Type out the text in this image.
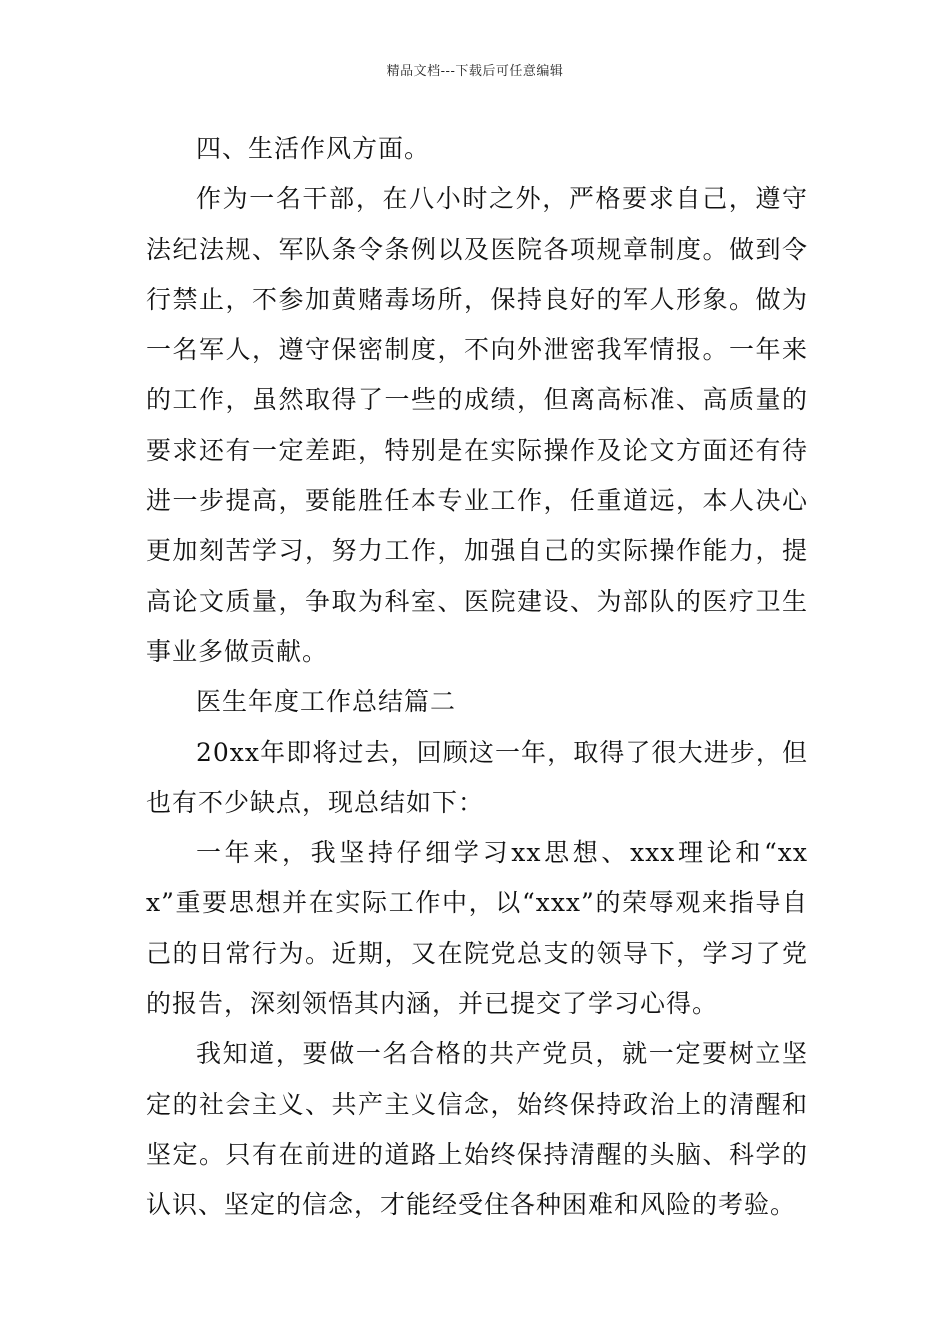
精品文档---下载后可任意编辑

四、生活作风方面。

作为一名干部，在八小时之外，严格要求自己，遵守法纪法规、军队条令条例以及医院各项规章制度。做到令行禁止，不参加黄赌毒场所，保持良好的军人形象。做为一名军人，遵守保密制度，不向外泄密我军情报。一年来的工作，虽然取得了一些的成绩，但离高标准、高质量的要求还有一定差距，特别是在实际操作及论文方面还有待进一步提高，要能胜任本专业工作，任重道远，本人决心更加刻苦学习，努力工作，加强自己的实际操作能力，提高论文质量，争取为科室、医院建设、为部队的医疗卫生事业多做贡献。

医生年度工作总结篇二

20xx年即将过去，回顾这一年，取得了很大进步，但也有不少缺点，现总结如下：

一年来，我坚持仔细学习xx思想、xxx理论和“xxx”重要思想并在实际工作中，以“xxx”的荣辱观来指导自己的日常行为。近期，又在院党总支的领导下，学习了党的报告，深刻领悟其内涵，并已提交了学习心得。

我知道，要做一名合格的共产党员，就一定要树立坚定的社会主义、共产主义信念，始终保持政治上的清醒和坚定。只有在前进的道路上始终保持清醒的头脑、科学的认识、坚定的信念，才能经受住各种困难和风险的考验。
